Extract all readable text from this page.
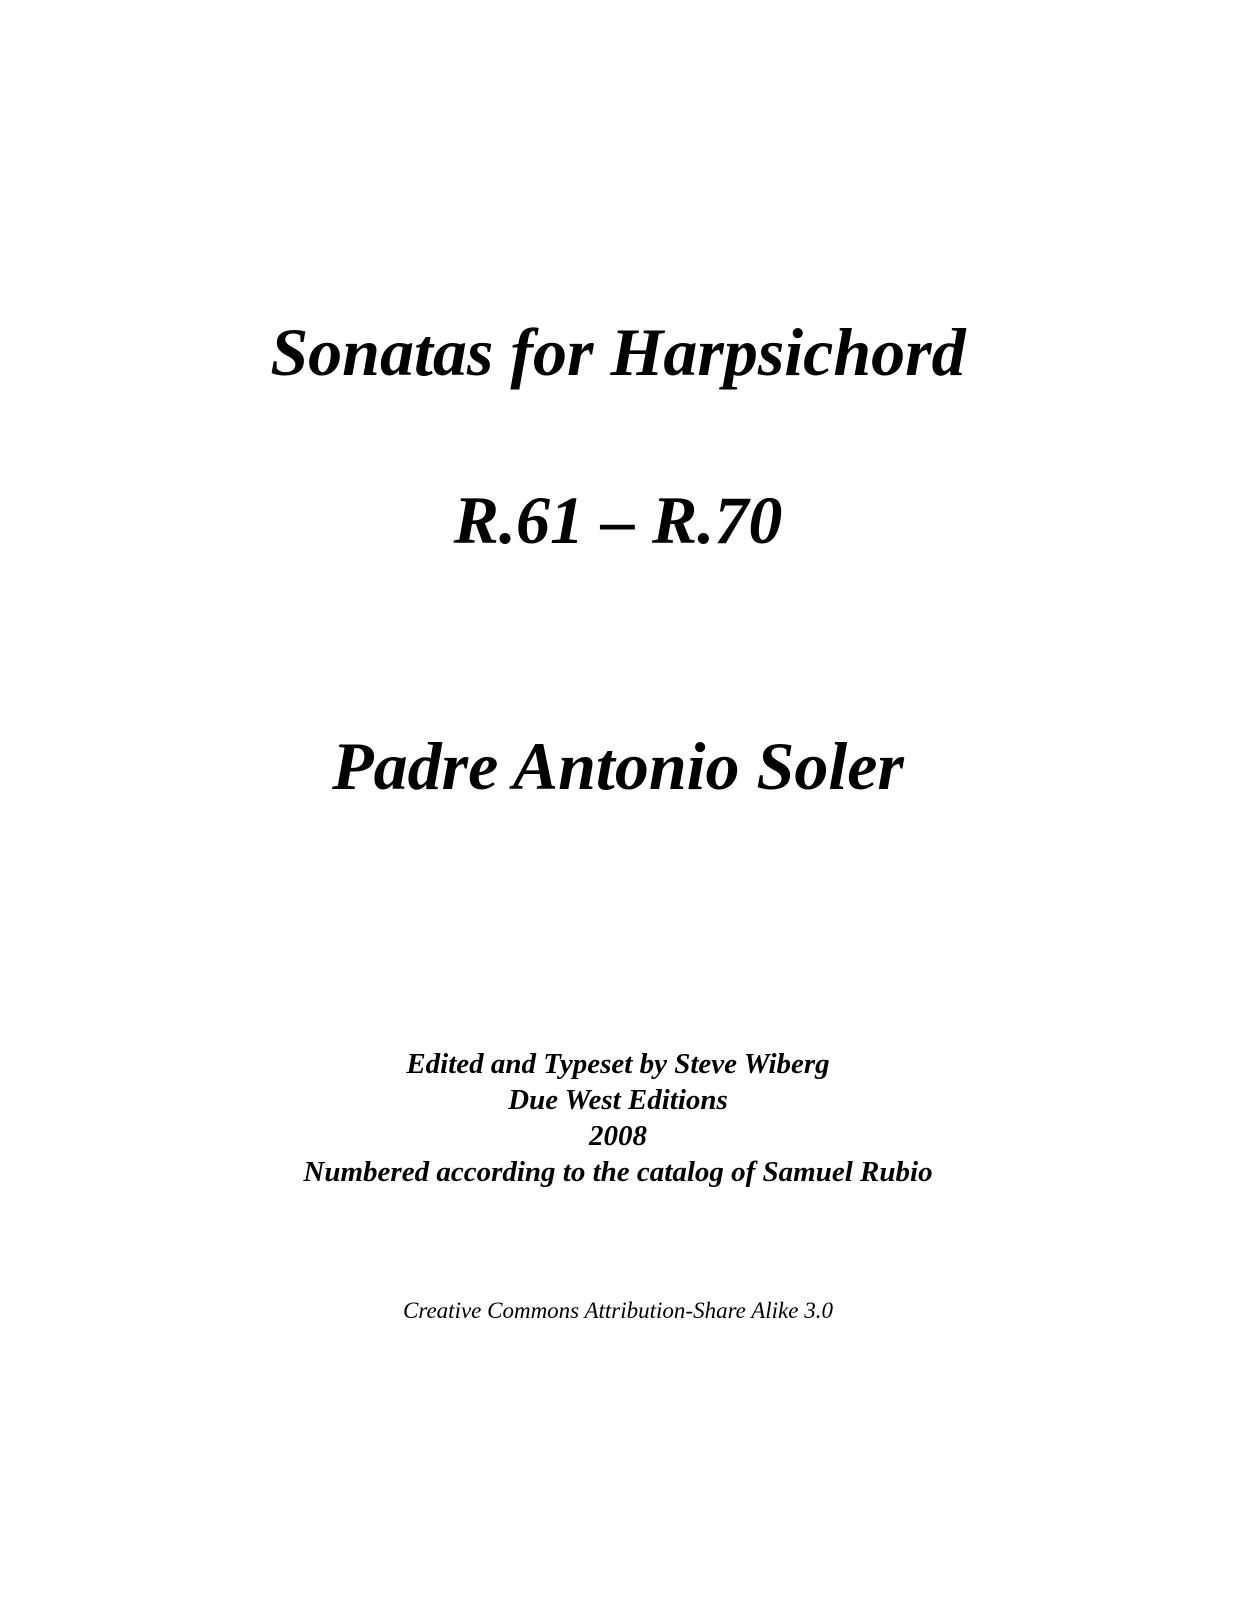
Sonatas for Harpsichord
R.61 – R.70
Padre Antonio Soler
Edited and Typeset by Steve Wiberg
Due West Editions
2008
Numbered according to the catalog of Samuel Rubio

Creative Commons Attribution-Share Alike 3.0
